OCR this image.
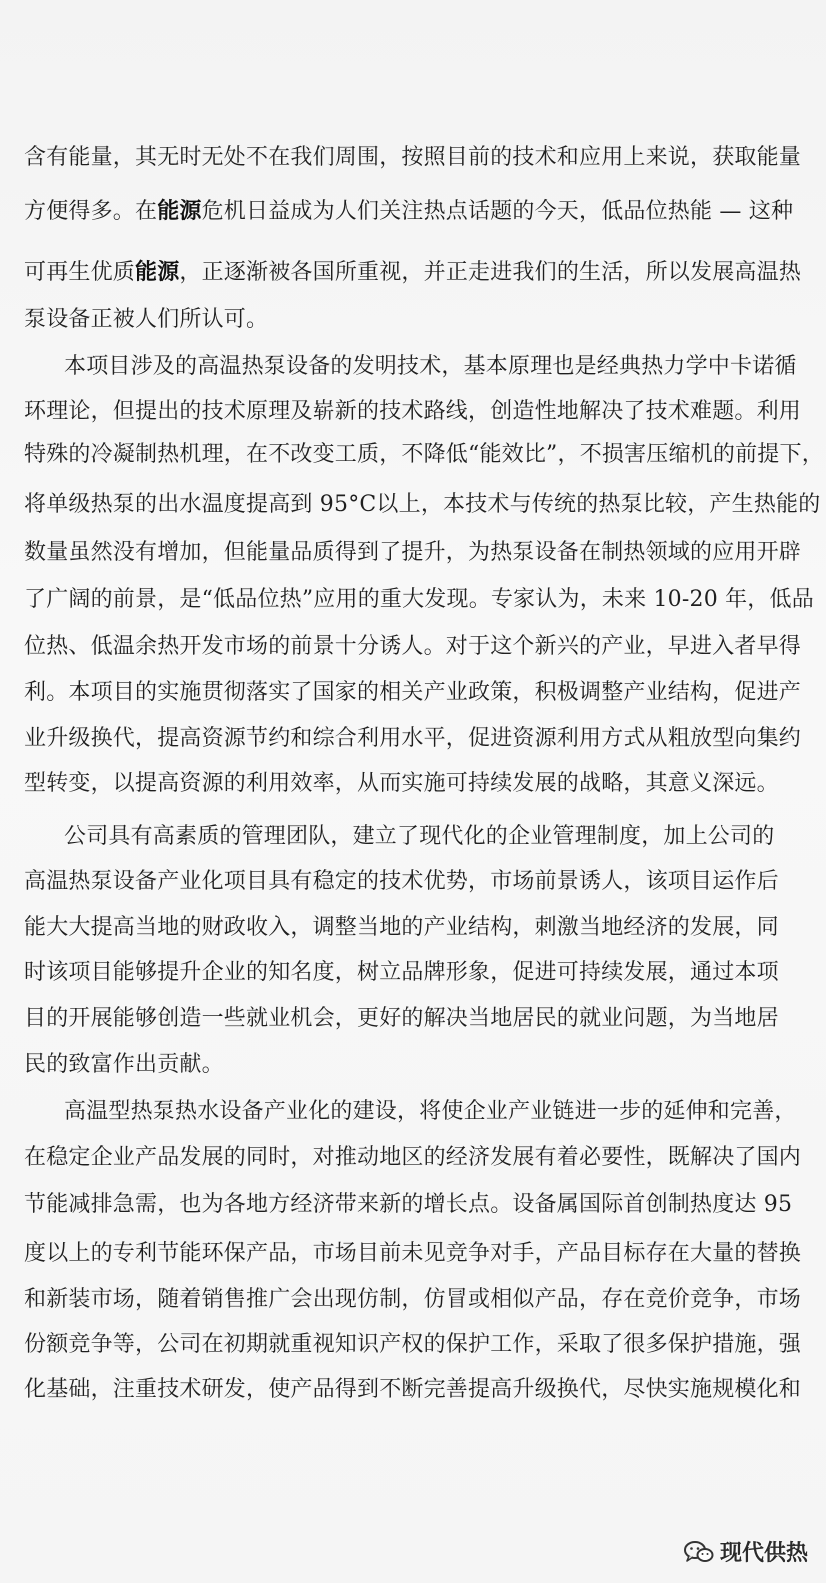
含有能量，其无时无处不在我们周围，按照目前的技术和应用上来说，获取能量
方便得多。在能源危机日益成为人们关注热点话题的今天，低品位热能 — 这种
可再生优质能源，正逐渐被各国所重视，并正走进我们的生活，所以发展高温热
泵设备正被人们所认可。
本项目涉及的高温热泵设备的发明技术，基本原理也是经典热力学中卡诺循
环理论，但提出的技术原理及崭新的技术路线，创造性地解决了技术难题。利用
特殊的冷凝制热机理，在不改变工质，不降低“能效比”，不损害压缩机的前提下，
将单级热泵的出水温度提高到 95°C以上，本技术与传统的热泵比较，产生热能的
数量虽然没有增加，但能量品质得到了提升，为热泵设备在制热领域的应用开辟
了广阔的前景，是“低品位热”应用的重大发现。专家认为，未来 10-20 年，低品
位热、低温余热开发市场的前景十分诱人。对于这个新兴的产业，早进入者早得
利。本项目的实施贯彻落实了国家的相关产业政策，积极调整产业结构，促进产
业升级换代，提高资源节约和综合利用水平，促进资源利用方式从粗放型向集约
型转变，以提高资源的利用效率，从而实施可持续发展的战略，其意义深远。
公司具有高素质的管理团队，建立了现代化的企业管理制度，加上公司的
高温热泵设备产业化项目具有稳定的技术优势，市场前景诱人，该项目运作后
能大大提高当地的财政收入，调整当地的产业结构，刺激当地经济的发展，同
时该项目能够提升企业的知名度，树立品牌形象，促进可持续发展，通过本项
目的开展能够创造一些就业机会，更好的解决当地居民的就业问题，为当地居
民的致富作出贡献。
高温型热泵热水设备产业化的建设，将使企业产业链进一步的延伸和完善，
在稳定企业产品发展的同时，对推动地区的经济发展有着必要性，既解决了国内
节能减排急需，也为各地方经济带来新的增长点。设备属国际首创制热度达 95
度以上的专利节能环保产品，市场目前未见竞争对手，产品目标存在大量的替换
和新装市场，随着销售推广会出现仿制，仿冒或相似产品，存在竞价竞争，市场
份额竞争等，公司在初期就重视知识产权的保护工作，采取了很多保护措施，强
化基础，注重技术研发，使产品得到不断完善提高升级换代，尽快实施规模化和
现代供热
